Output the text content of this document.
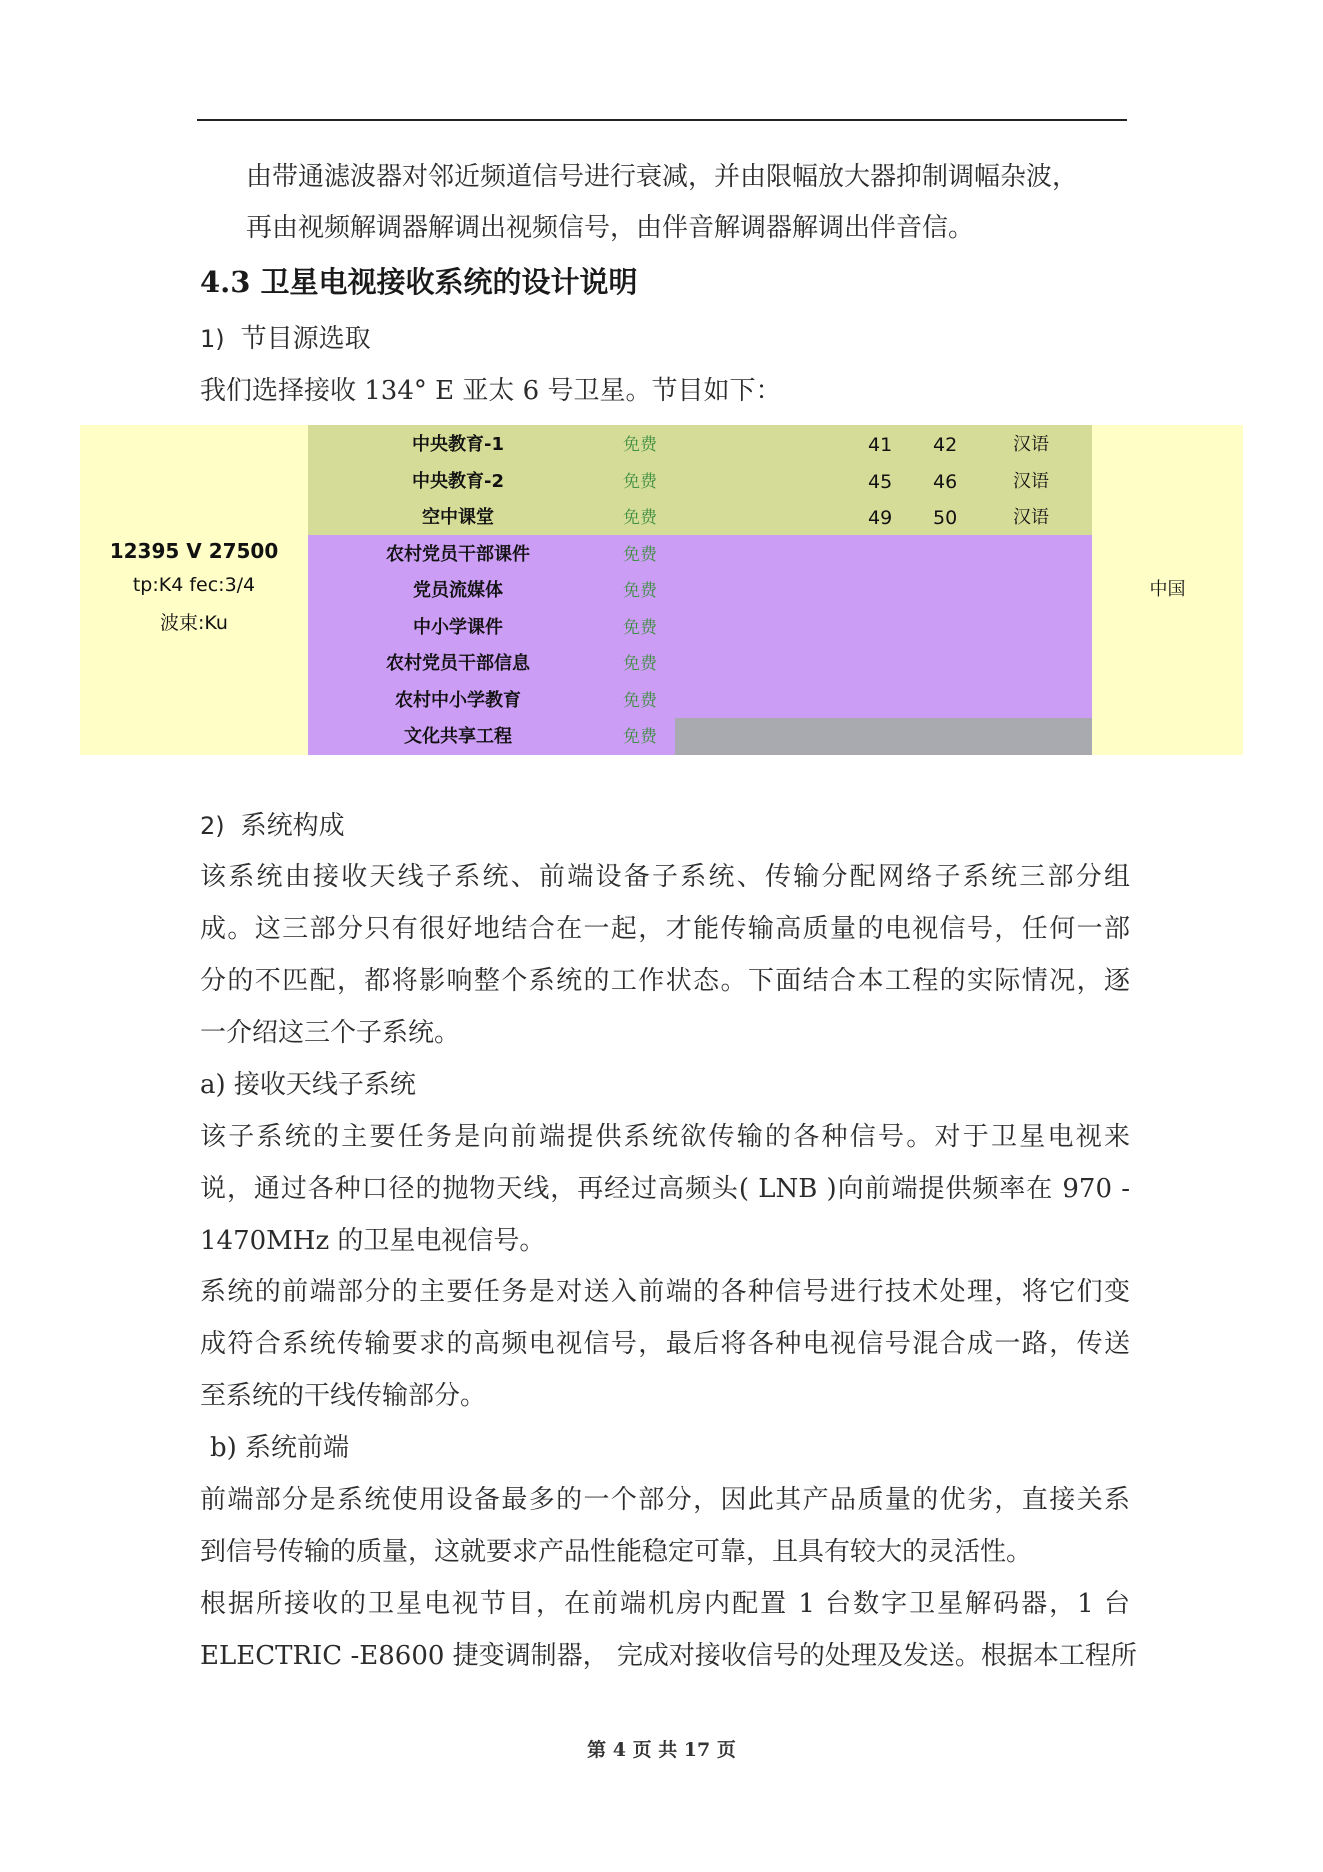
由带通滤波器对邻近频道信号进行衰减，并由限幅放大器抑制调幅杂波，
再由视频解调器解调出视频信号，由伴音解调器解调出伴音信。
4.3 卫星电视接收系统的设计说明
1) 节目源选取
我们选择接收 134° E 亚太 6 号卫星。节目如下：
12395 V 27500
tp:K4 fec:3/4
波束:Ku
中国
中央教育-1	免费	41 42	汉语
中央教育-2	免费	45 46	汉语
空中课堂	免费	49 50	汉语
农村党员干部课件	免费
党员流媒体	免费
中小学课件	免费
农村党员干部信息	免费
农村中小学教育	免费
文化共享工程	免费
2) 系统构成
该系统由接收天线子系统、前端设备子系统、传输分配网络子系统三部分组
成。这三部分只有很好地结合在一起，才能传输高质量的电视信号，任何一部
分的不匹配，都将影响整个系统的工作状态。下面结合本工程的实际情况，逐
一介绍这三个子系统。
a) 接收天线子系统
该子系统的主要任务是向前端提供系统欲传输的各种信号。对于卫星电视来
说，通过各种口径的抛物天线，再经过高频头( LNB )向前端提供频率在 970 -
1470MHz 的卫星电视信号。
系统的前端部分的主要任务是对送入前端的各种信号进行技术处理，将它们变
成符合系统传输要求的高频电视信号，最后将各种电视信号混合成一路，传送
至系统的干线传输部分。
b) 系统前端
前端部分是系统使用设备最多的一个部分，因此其产品质量的优劣，直接关系
到信号传输的质量，这就要求产品性能稳定可靠，且具有较大的灵活性。
根据所接收的卫星电视节目，在前端机房内配置 1 台数字卫星解码器，1 台
ELECTRIC -E8600 捷变调制器， 完成对接收信号的处理及发送。根据本工程所
第 4 页 共 17 页
